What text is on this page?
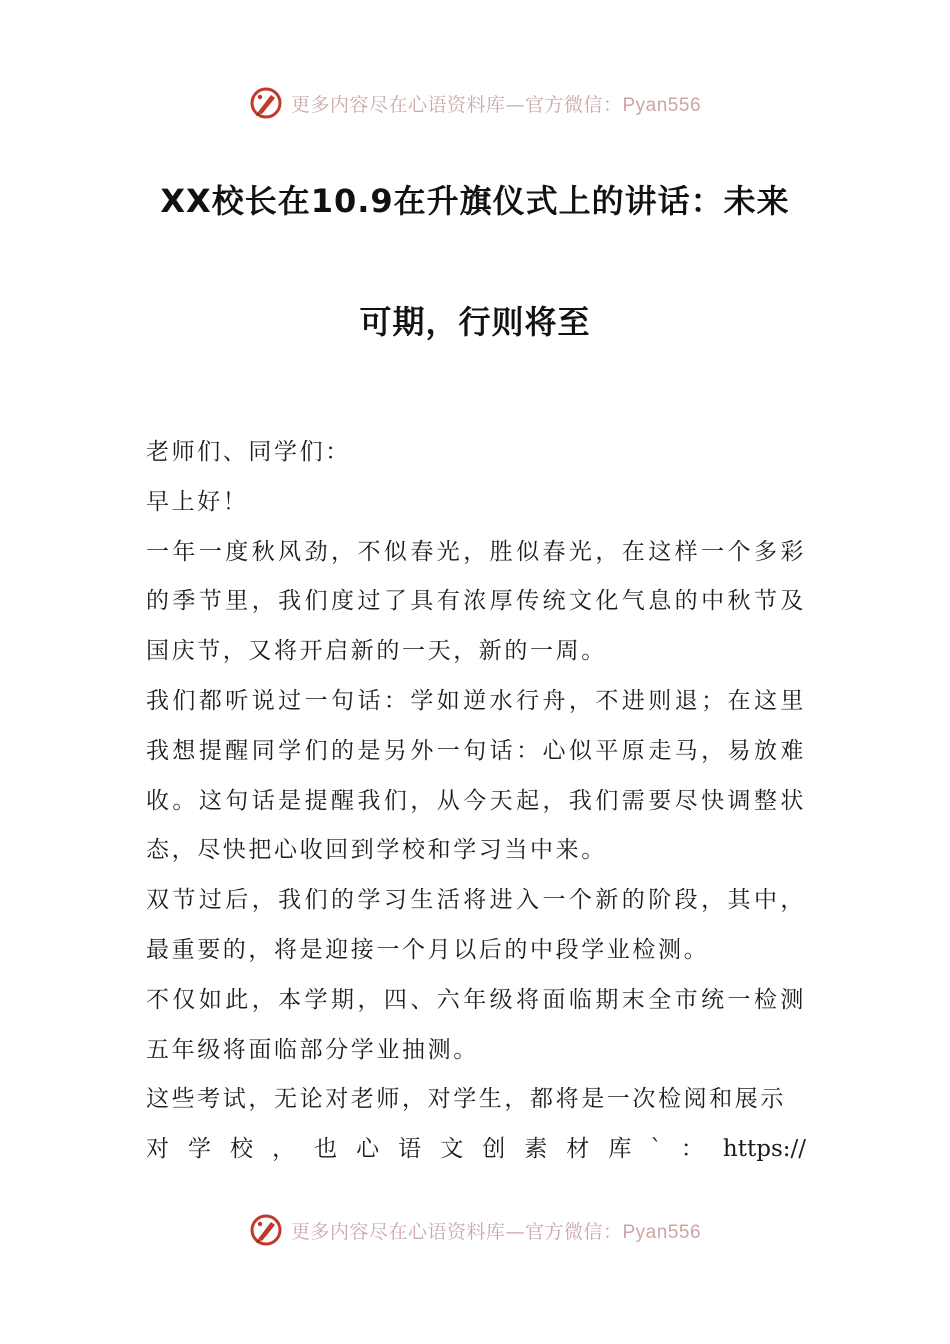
更多内容尽在心语资料库—官方微信：Pyan556
XX校长在10.9在升旗仪式上的讲话：未来
可期，行则将至

老师们、同学们：

早上好！

一年一度秋风劲，不似春光，胜似春光，在这样一个多彩的季节里，我们度过了具有浓厚传统文化气息的中秋节及国庆节，又将开启新的一天，新的一周。

我们都听说过一句话：学如逆水行舟，不进则退；在这里我想提醒同学们的是另外一句话：心似平原走马，易放难收。这句话是提醒我们，从今天起，我们需要尽快调整状态，尽快把心收回到学校和学习当中来。

双节过后，我们的学习生活将进入一个新的阶段，其中，最重要的，将是迎接一个月以后的中段学业检测。

不仅如此，本学期，四、六年级将面临期末全市统一检测五年级将面临部分学业抽测。

这些考试，无论对老师，对学生，都将是一次检阅和展示

对学校，也心语文创素材库`：https://

更多内容尽在心语资料库—官方微信：Pyan556
